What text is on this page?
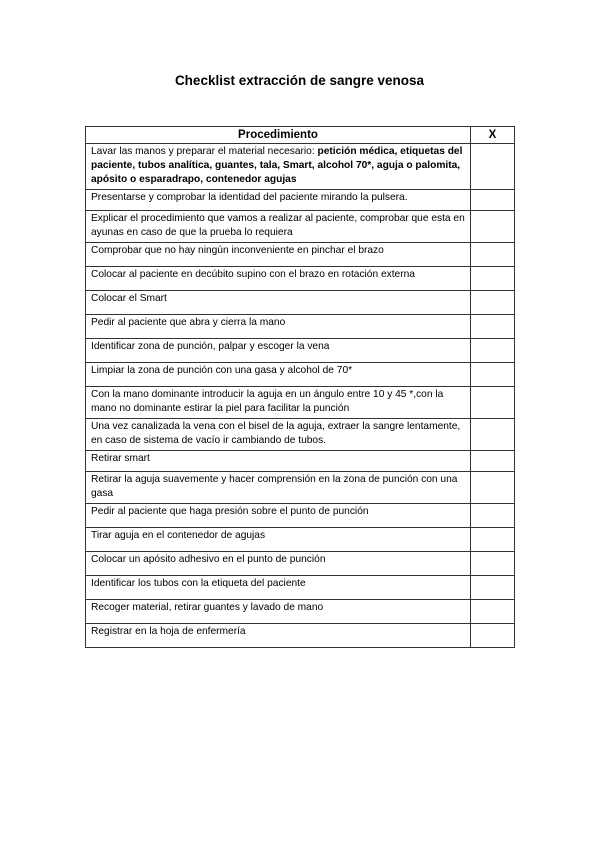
Checklist extracción de sangre venosa
Procedimiento	X
Lavar las manos y preparar el material necesario: petición médica, etiquetas del paciente, tubos analítica, guantes, tala, Smart, alcohol 70*, aguja o palomita, apósito o esparadrapo, contenedor agujas	
Presentarse y comprobar la identidad del paciente mirando la pulsera.	
Explicar el procedimiento que vamos a realizar al paciente, comprobar que esta en ayunas en caso de que la prueba lo requiera	
Comprobar que no hay ningún inconveniente en pinchar el brazo	
Colocar al paciente en decúbito supino con el brazo en rotación externa	
Colocar el Smart	
Pedir al paciente que abra y cierra la mano	
Identificar zona de punción, palpar y escoger la vena	
Limpiar la zona de punción con una gasa y alcohol de 70*	
Con la mano dominante introducir la aguja en un ángulo entre 10 y 45 *,con la mano no dominante estirar la piel para facilitar la punción	
Una vez canalizada la vena con el bisel de la aguja, extraer la sangre lentamente, en caso de sistema de vacío ir cambiando de tubos.	
Retirar smart	
Retirar la aguja suavemente y hacer comprensión en la zona de punción con una gasa	
Pedir al paciente que haga presión sobre el punto de punción	
Tirar aguja en el contenedor de agujas	
Colocar un apósito adhesivo en el punto de punción	
Identificar los tubos con la etiqueta del paciente	
Recoger material, retirar guantes y lavado de mano	
Registrar en la hoja de enfermería	
